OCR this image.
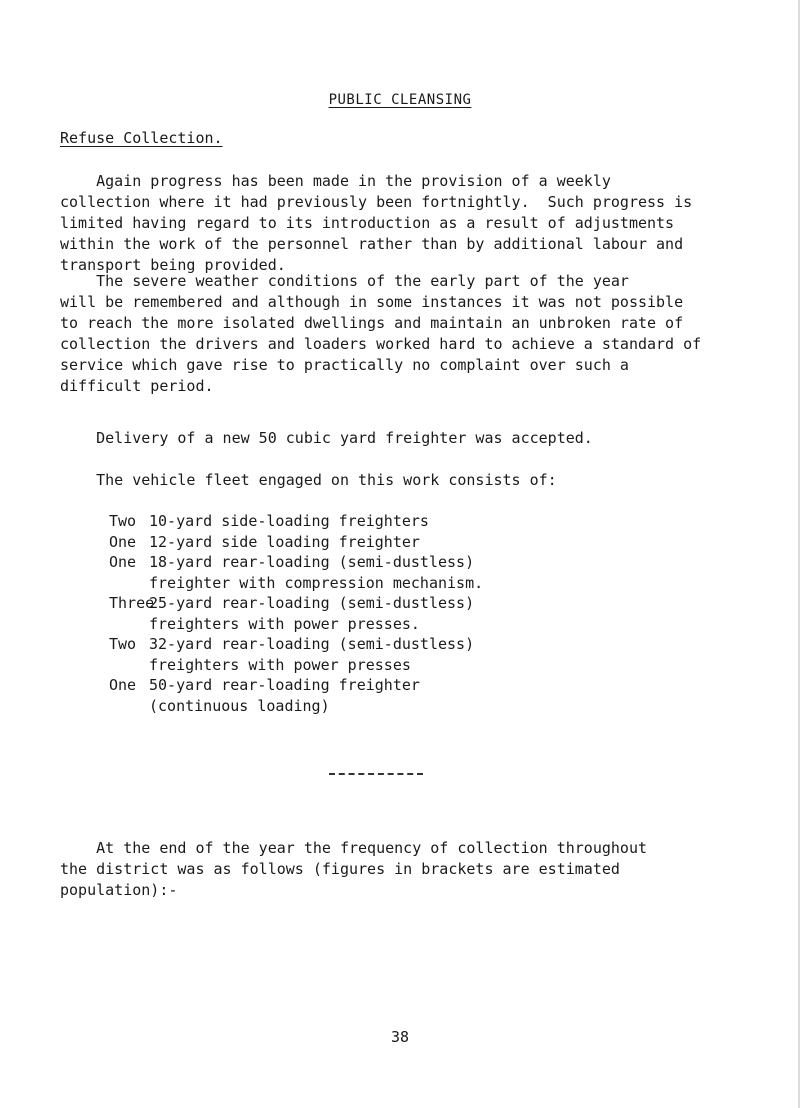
PUBLIC CLEANSING
Refuse Collection.

Again progress has been made in the provision of a weekly
collection where it had previously been fortnightly.  Such progress is
limited having regard to its introduction as a result of adjustments
within the work of the personnel rather than by additional labour and
transport being provided.

The severe weather conditions of the early part of the year
will be remembered and although in some instances it was not possible
to reach the more isolated dwellings and maintain an unbroken rate of
collection the drivers and loaders worked hard to achieve a standard of
service which gave rise to practically no complaint over such a
difficult period.

Delivery of a new 50 cubic yard freighter was accepted.

The vehicle fleet engaged on this work consists of:

Two 10-yard side-loading freighters
One 12-yard side loading freighter
One 18-yard rear-loading (semi-dustless)
freighter with compression mechanism.
Three25-yard rear-loading (semi-dustless)
freighters with power presses.
Two 32-yard rear-loading (semi-dustless)
freighters with power presses
One 50-yard rear-loading freighter
(continuous loading)

At the end of the year the frequency of collection throughout
the district was as follows (figures in brackets are estimated
population):-

38
